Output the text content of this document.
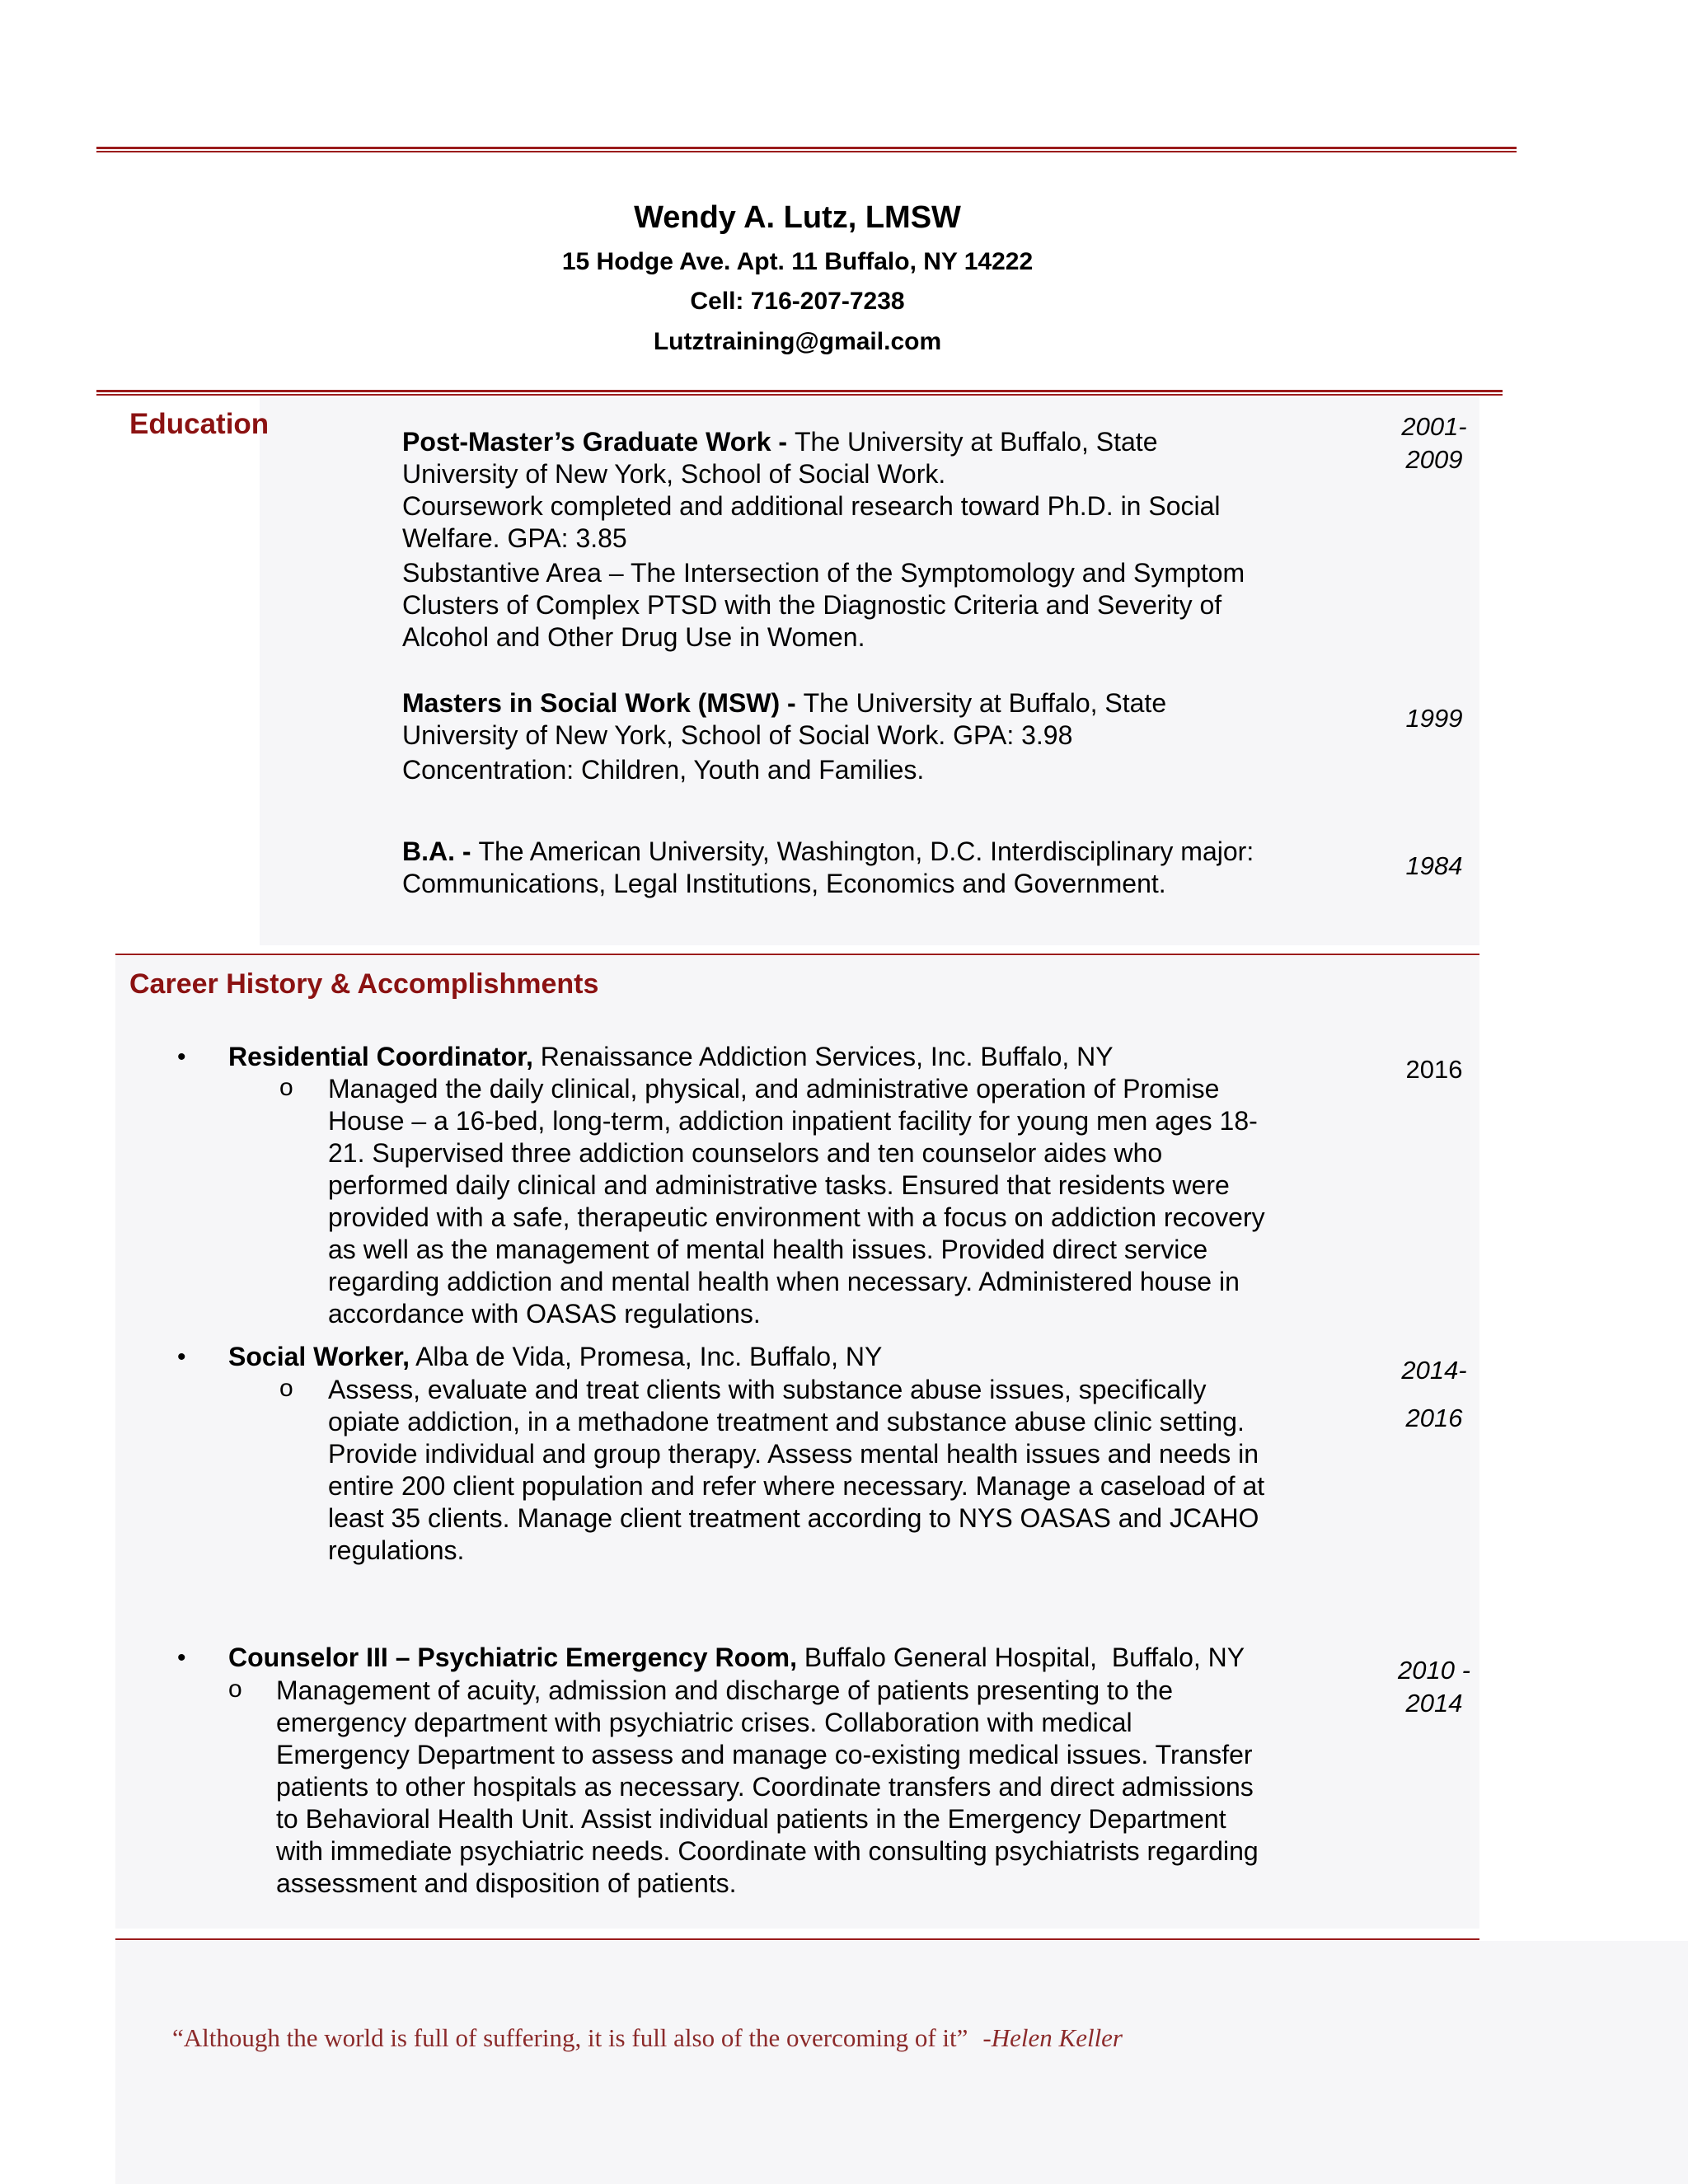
Wendy A. Lutz, LMSW
15 Hodge Ave. Apt. 11 Buffalo, NY 14222
Cell: 716-207-7238
Lutztraining@gmail.com
Education

Post-Master’s Graduate Work - The University at Buffalo, State

University of New York, School of Social Work.

Coursework completed and additional research toward Ph.D. in Social

Welfare. GPA: 3.85

Substantive Area – The Intersection of the Symptomology and Symptom

Clusters of Complex PTSD with the Diagnostic Criteria and Severity of

Alcohol and Other Drug Use in Women.

2001-
2009

Masters in Social Work (MSW) - The University at Buffalo, State

University of New York, School of Social Work. GPA: 3.98

Concentration: Children, Youth and Families.

1999

B.A. - The American University, Washington, D.C. Interdisciplinary major:

Communications, Legal Institutions, Economics and Government.

1984
Career History & Accomplishments
• Residential Coordinator, Renaissance Addiction Services, Inc. Buffalo, NY

o Managed the daily clinical, physical, and administrative operation of Promise

House – a 16-bed, long-term, addiction inpatient facility for young men ages 18-

21. Supervised three addiction counselors and ten counselor aides who

performed daily clinical and administrative tasks. Ensured that residents were

provided with a safe, therapeutic environment with a focus on addiction recovery

as well as the management of mental health issues. Provided direct service

regarding addiction and mental health when necessary. Administered house in

accordance with OASAS regulations.

2016
• Social Worker, Alba de Vida, Promesa, Inc. Buffalo, NY

o Assess, evaluate and treat clients with substance abuse issues, specifically

opiate addiction, in a methadone treatment and substance abuse clinic setting.

Provide individual and group therapy. Assess mental health issues and needs in

entire 200 client population and refer where necessary. Manage a caseload of at

least 35 clients. Manage client treatment according to NYS OASAS and JCAHO

regulations.

2014-
2016
• Counselor III – Psychiatric Emergency Room, Buffalo General Hospital,  Buffalo, NY

o Management of acuity, admission and discharge of patients presenting to the

emergency department with psychiatric crises. Collaboration with medical

Emergency Department to assess and manage co-existing medical issues. Transfer

patients to other hospitals as necessary. Coordinate transfers and direct admissions

to Behavioral Health Unit. Assist individual patients in the Emergency Department

with immediate psychiatric needs. Coordinate with consulting psychiatrists regarding

assessment and disposition of patients.

2010 -
2014
“Although the world is full of suffering, it is full also of the overcoming of it” -Helen Keller
